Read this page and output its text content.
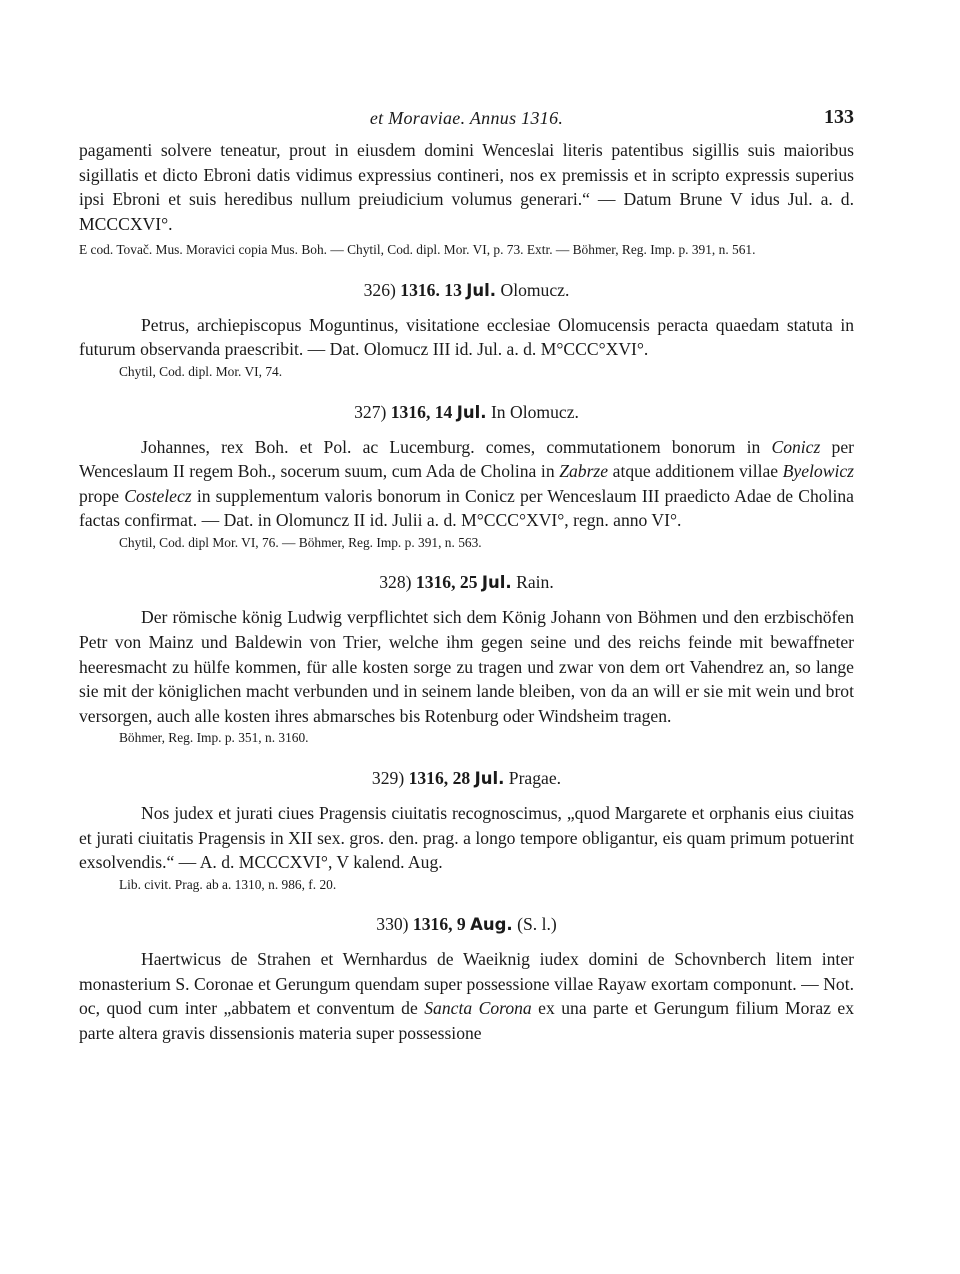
et Moraviae. Annus 1316.	133

pagamenti solvere teneatur, prout in eiusdem domini Wenceslai literis patentibus sigillis suis maioribus sigillatis et dicto Ebroni datis vidimus expressius contineri, nos ex premissis et in scripto expressis superius ipsi Ebroni et suis heredibus nullum preiudicium volumus generari.“ — Datum Brune V idus Jul. a. d. MCCCXVI°.

E cod. Tovač. Mus. Moravici copia Mus. Boh. — Chytil, Cod. dipl. Mor. VI, p. 73. Extr. — Böhmer, Reg. Imp. p. 391, n. 561.

326) 1316. 13 Jul. Olomucz.

Petrus, archiepiscopus Moguntinus, visitatione ecclesiae Olomucensis peracta quaedam statuta in futurum observanda praescribit. — Dat. Olomucz III id. Jul. a. d. M°CCC°XVI°.

Chytil, Cod. dipl. Mor. VI, 74.

327) 1316, 14 Jul. In Olomucz.

Johannes, rex Boh. et Pol. ac Lucemburg. comes, commutationem bonorum in Conicz per Wenceslaum II regem Boh., socerum suum, cum Ada de Cholina in Zabrze atque additionem villae Byelowicz prope Costelecz in supplementum valoris bonorum in Conicz per Wenceslaum III praedicto Adae de Cholina factas confirmat. — Dat. in Olomuncz II id. Julii a. d. M°CCC°XVI°, regn. anno VI°.

Chytil, Cod. dipl Mor. VI, 76. — Böhmer, Reg. Imp. p. 391, n. 563.

328) 1316, 25 Jul. Rain.

Der römische könig Ludwig verpflichtet sich dem König Johann von Böhmen und den erzbischöfen Petr von Mainz und Baldewin von Trier, welche ihm gegen seine und des reichs feinde mit bewaffneter heeresmacht zu hülfe kommen, für alle kosten sorge zu tragen und zwar von dem ort Vahendrez an, so lange sie mit der königlichen macht verbunden und in seinem lande bleiben, von da an will er sie mit wein und brot versorgen, auch alle kosten ihres abmarsches bis Rotenburg oder Windsheim tragen.

Böhmer, Reg. Imp. p. 351, n. 3160.

329) 1316, 28 Jul. Pragae.

Nos judex et jurati ciues Pragensis ciuitatis recognoscimus, „quod Margarete et orphanis eius ciuitas et jurati ciuitatis Pragensis in XII sex. gros. den. prag. a longo tempore obligantur, eis quam primum potuerint exsolvendis.“ — A. d. MCCCXVI°, V kalend. Aug.

Lib. civit. Prag. ab a. 1310, n. 986, f. 20.

330) 1316, 9 Aug. (S. l.)

Haertwicus de Strahen et Wernhardus de Waeiknig iudex domini de Schovnberch litem inter monasterium S. Coronae et Gerungum quendam super possessione villae Rayaw exortam componunt. — Not. oc, quod cum inter „abbatem et conventum de Sancta Corona ex una parte et Gerungum filium Moraz ex parte altera gravis dissensionis materia super possessione
